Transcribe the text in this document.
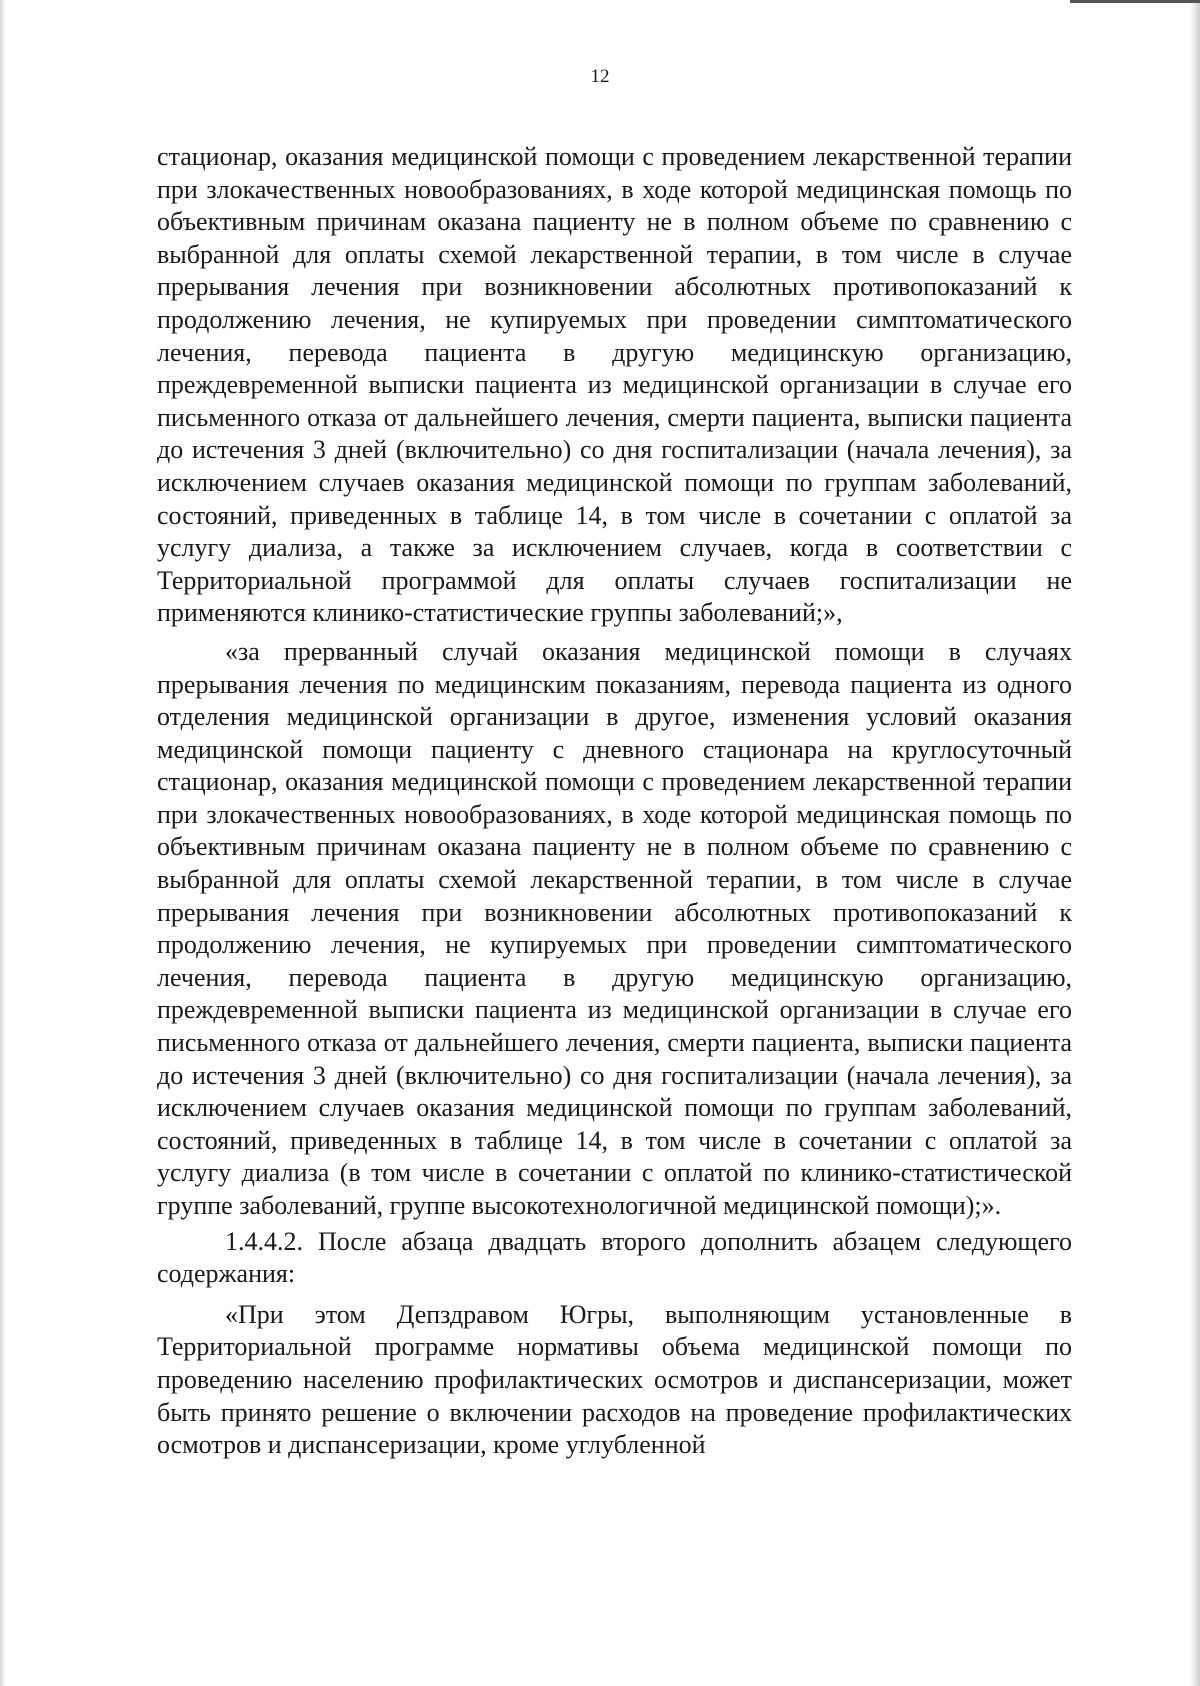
12

стационар, оказания медицинской помощи с проведением лекарственной терапии при злокачественных новообразованиях, в ходе которой медицинская помощь по объективным причинам оказана пациенту не в полном объеме по сравнению с выбранной для оплаты схемой лекарственной терапии, в том числе в случае прерывания лечения при возникновении абсолютных противопоказаний к продолжению лечения, не купируемых при проведении симптоматического лечения, перевода пациента в другую медицинскую организацию, преждевременной выписки пациента из медицинской организации в случае его письменного отказа от дальнейшего лечения, смерти пациента, выписки пациента до истечения 3 дней (включительно) со дня госпитализации (начала лечения), за исключением случаев оказания медицинской помощи по группам заболеваний, состояний, приведенных в таблице 14, в том числе в сочетании с оплатой за услугу диализа, а также за исключением случаев, когда в соответствии с Территориальной программой для оплаты случаев госпитализации не применяются клинико-статистические группы заболеваний;»,

«за прерванный случай оказания медицинской помощи в случаях прерывания лечения по медицинским показаниям, перевода пациента из одного отделения медицинской организации в другое, изменения условий оказания медицинской помощи пациенту с дневного стационара на круглосуточный стационар, оказания медицинской помощи с проведением лекарственной терапии при злокачественных новообразованиях, в ходе которой медицинская помощь по объективным причинам оказана пациенту не в полном объеме по сравнению с выбранной для оплаты схемой лекарственной терапии, в том числе в случае прерывания лечения при возникновении абсолютных противопоказаний к продолжению лечения, не купируемых при проведении симптоматического лечения, перевода пациента в другую медицинскую организацию, преждевременной выписки пациента из медицинской организации в случае его письменного отказа от дальнейшего лечения, смерти пациента, выписки пациента до истечения 3 дней (включительно) со дня госпитализации (начала лечения), за исключением случаев оказания медицинской помощи по группам заболеваний, состояний, приведенных в таблице 14, в том числе в сочетании с оплатой за услугу диализа (в том числе в сочетании с оплатой по клинико-статистической группе заболеваний, группе высокотехнологичной медицинской помощи);».

1.4.4.2. После абзаца двадцать второго дополнить абзацем следующего содержания:

«При этом Депздравом Югры, выполняющим установленные в Территориальной программе нормативы объема медицинской помощи по проведению населению профилактических осмотров и диспансеризации, может быть принято решение о включении расходов на проведение профилактических осмотров и диспансеризации, кроме углубленной
